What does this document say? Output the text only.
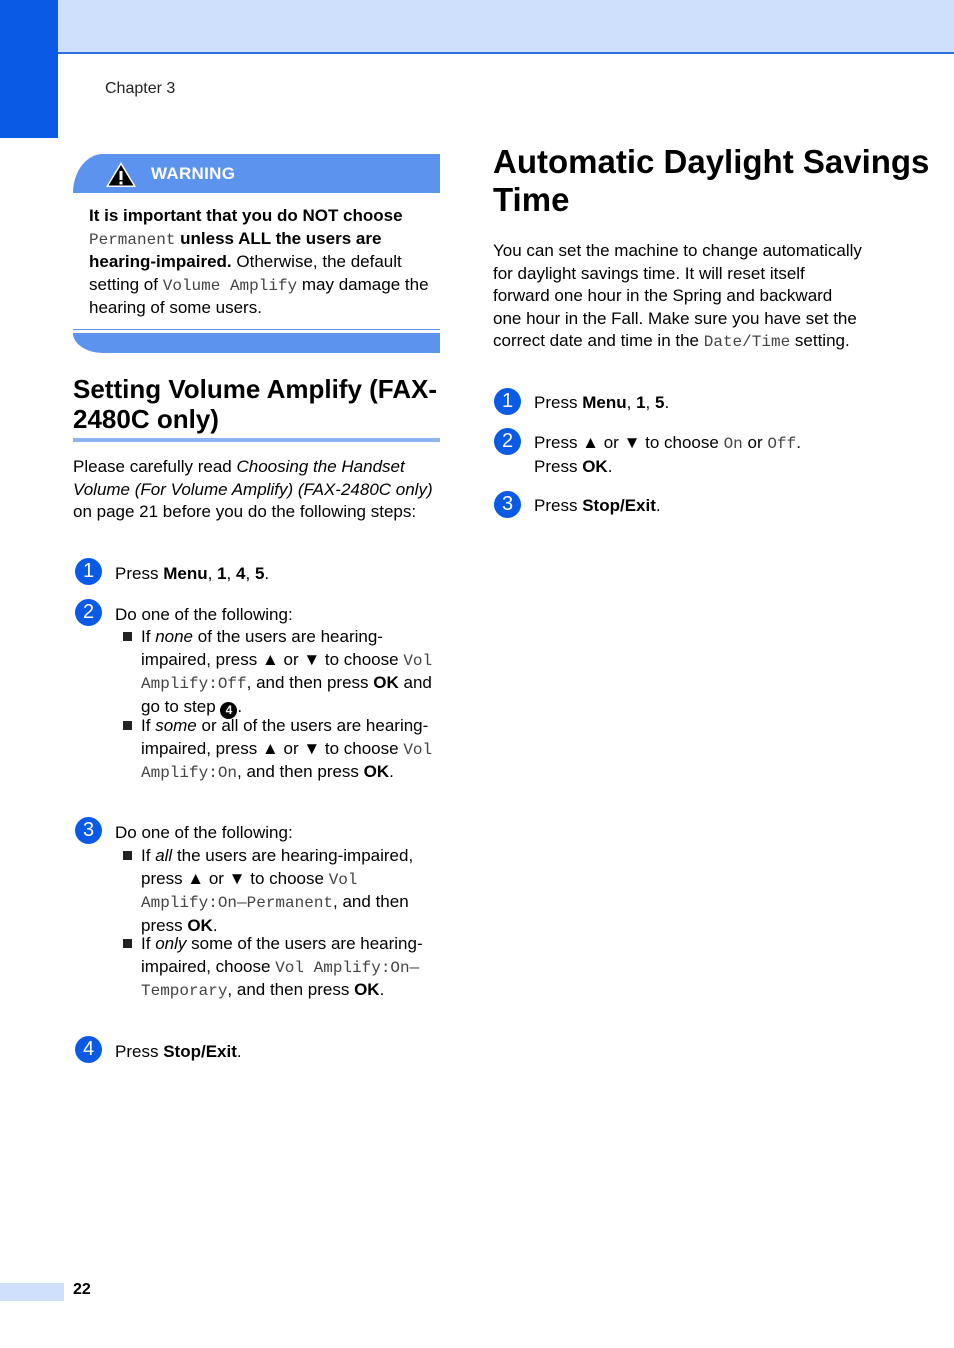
Chapter 3
WARNING
It is important that you do NOT choose Permanent unless ALL the users are hearing-impaired. Otherwise, the default setting of Volume Amplify may damage the hearing of some users.
Setting Volume Amplify (FAX-2480C only)
Please carefully read Choosing the Handset Volume (For Volume Amplify) (FAX-2480C only) on page 21 before you do the following steps:
1	Press Menu, 1, 4, 5.
2	Do one of the following:
If none of the users are hearing-impaired, press ▲ or ▼ to choose Vol Amplify:Off, and then press OK and go to step 4 .
If some or all of the users are hearing-impaired, press ▲ or ▼ to choose Vol Amplify:On, and then press OK.
3	Do one of the following:
If all the users are hearing-impaired, press ▲ or ▼ to choose Vol Amplify:On—Permanent, and then press OK.
If only some of the users are hearing-impaired, choose Vol Amplify:On—Temporary, and then press OK.
4	Press Stop/Exit.
Automatic Daylight Savings Time
You can set the machine to change automatically for daylight savings time. It will reset itself forward one hour in the Spring and backward one hour in the Fall. Make sure you have set the correct date and time in the Date/Time setting.
1	Press Menu, 1, 5.
2	Press ▲ or ▼ to choose On or Off.
Press OK.
3	Press Stop/Exit.
22
